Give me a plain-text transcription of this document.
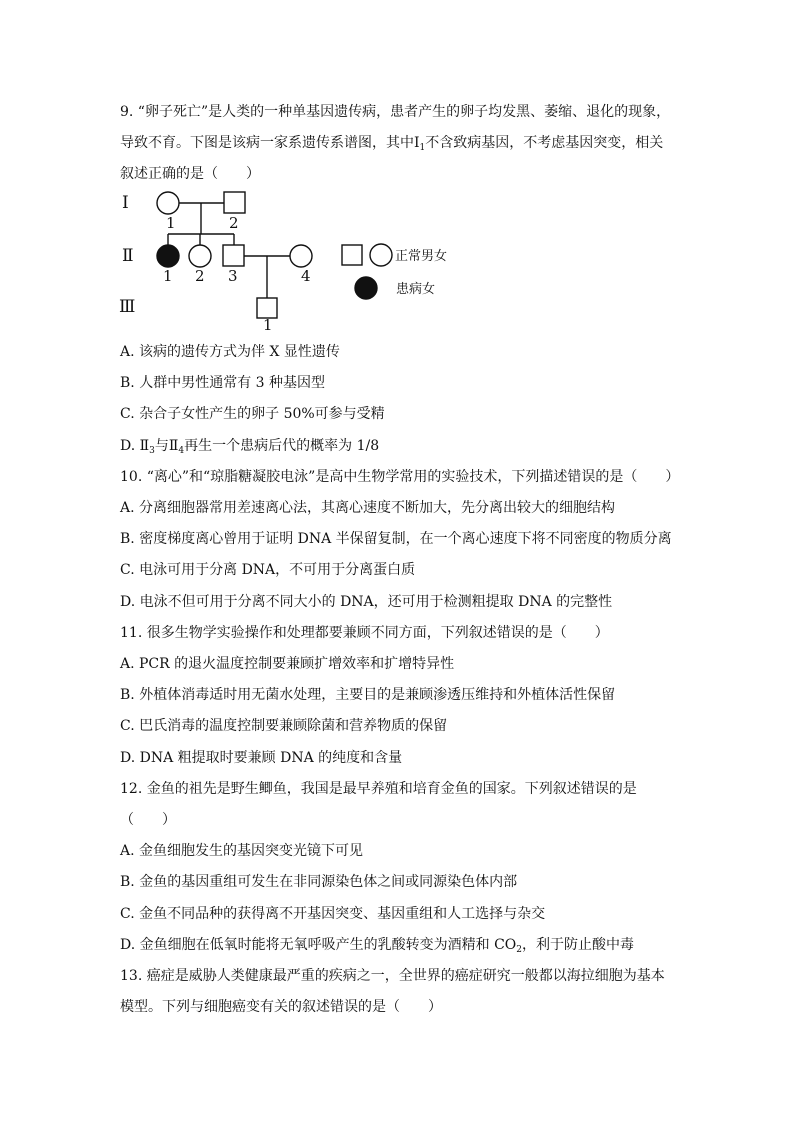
9. “卵子死亡”是人类的一种单基因遗传病，患者产生的卵子均发黑、萎缩、退化的现象，
导致不育。下图是该病一家系遗传系谱图，其中$Ⅰ_1$不含致病基因，不考虑基因突变，相关
叙述正确的是（　　）
Ⅰ
Ⅱ
Ⅲ
1	2
1 2 3	4
1
正常男女
患病女
A. 该病的遗传方式为伴 X 显性遗传
B. 人群中男性通常有 3 种基因型
C. 杂合子女性产生的卵子 50%可参与受精
D. $Ⅱ_3$与$Ⅱ_4$再生一个患病后代的概率为 1/8
10. “离心”和“琼脂糖凝胶电泳”是高中生物学常用的实验技术，下列描述错误的是（　　）
A. 分离细胞器常用差速离心法，其离心速度不断加大，先分离出较大的细胞结构
B. 密度梯度离心曾用于证明 DNA 半保留复制，在一个离心速度下将不同密度的物质分离
C. 电泳可用于分离 DNA，不可用于分离蛋白质
D. 电泳不但可用于分离不同大小的 DNA，还可用于检测粗提取 DNA 的完整性
11. 很多生物学实验操作和处理都要兼顾不同方面，下列叙述错误的是（　　）
A. PCR 的退火温度控制要兼顾扩增效率和扩增特异性
B. 外植体消毒适时用无菌水处理，主要目的是兼顾渗透压维持和外植体活性保留
C. 巴氏消毒的温度控制要兼顾除菌和营养物质的保留
D. DNA 粗提取时要兼顾 DNA 的纯度和含量
12. 金鱼的祖先是野生鲫鱼，我国是最早养殖和培育金鱼的国家。下列叙述错误的是
（　　）
A. 金鱼细胞发生的基因突变光镜下可见
B. 金鱼的基因重组可发生在非同源染色体之间或同源染色体内部
C. 金鱼不同品种的获得离不开基因突变、基因重组和人工选择与杂交
D. 金鱼细胞在低氧时能将无氧呼吸产生的乳酸转变为酒精和 $CO_2$，利于防止酸中毒
13. 癌症是威胁人类健康最严重的疾病之一，全世界的癌症研究一般都以海拉细胞为基本
模型。下列与细胞癌变有关的叙述错误的是（　　）
